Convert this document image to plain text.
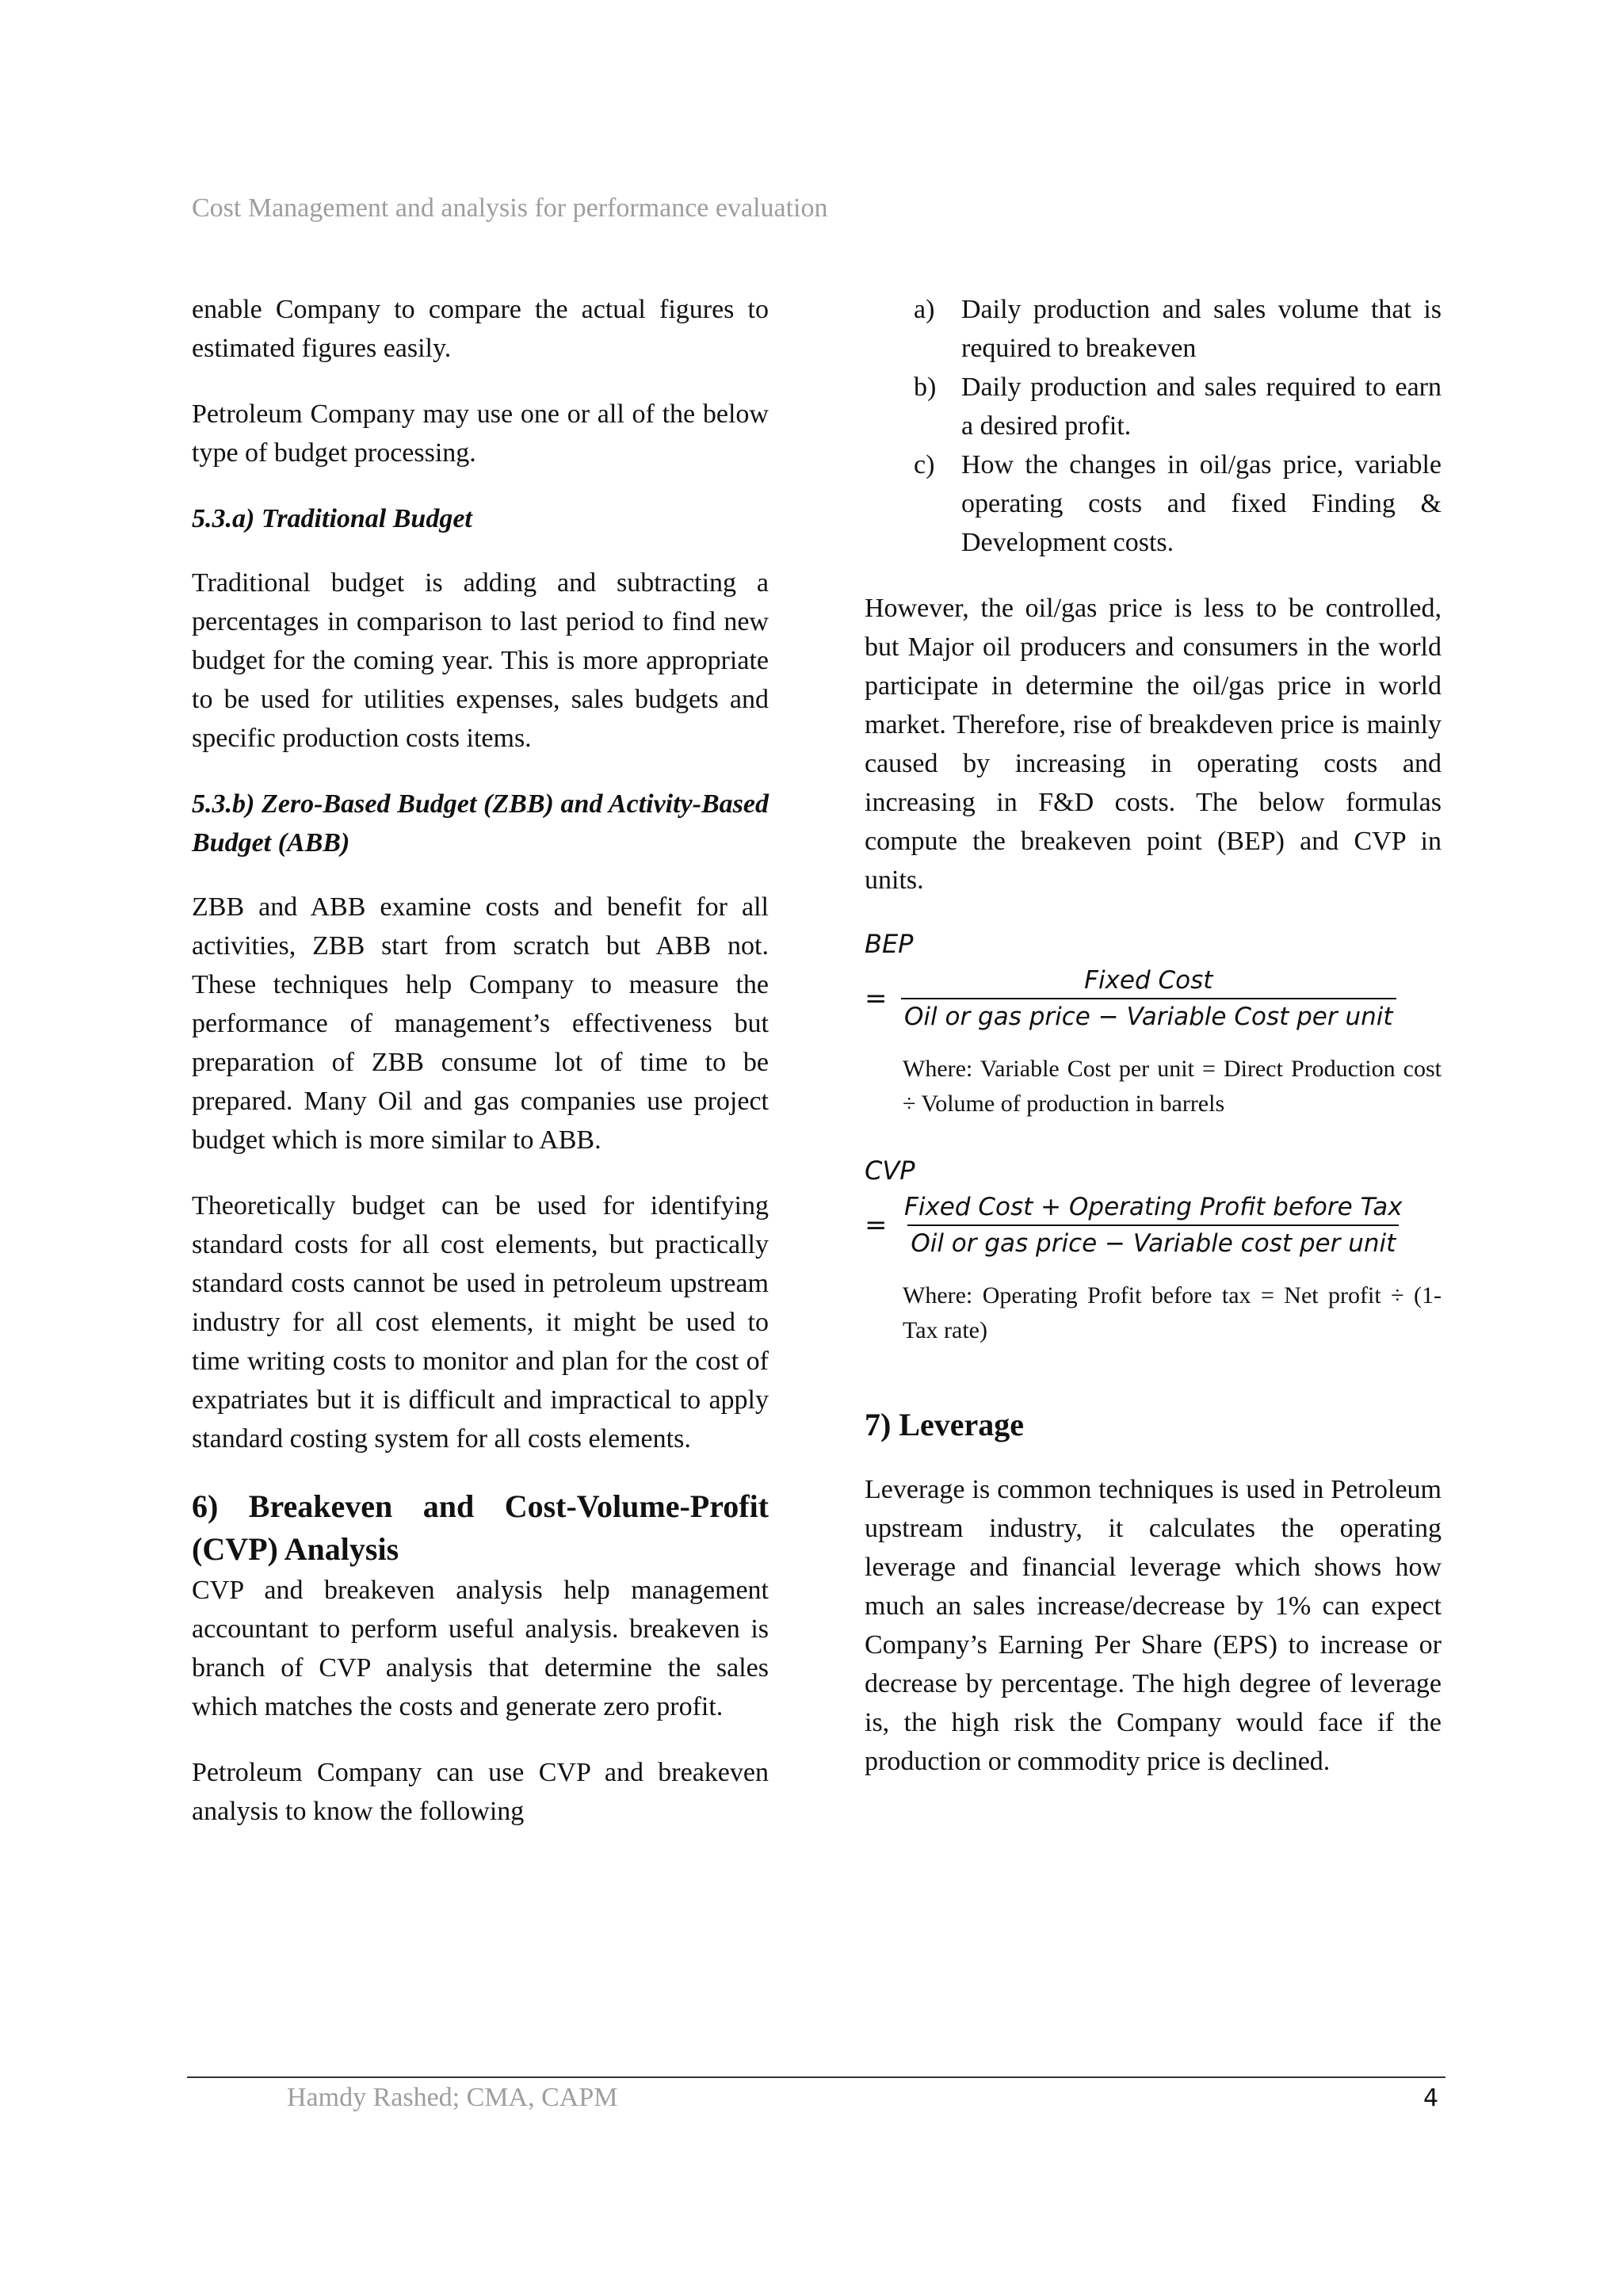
Cost Management and analysis for performance evaluation

enable Company to compare the actual figures to estimated figures easily.

Petroleum Company may use one or all of the below type of budget processing.

5.3.a) Traditional Budget

Traditional budget is adding and subtracting a percentages in comparison to last period to find new budget for the coming year. This is more appropriate to be used for utilities expenses, sales budgets and specific production costs items.

5.3.b) Zero-Based Budget (ZBB) and Activity-Based Budget (ABB)

ZBB and ABB examine costs and benefit for all activities, ZBB start from scratch but ABB not. These techniques help Company to measure the performance of management’s effectiveness but preparation of ZBB consume lot of time to be prepared. Many Oil and gas companies use project budget which is more similar to ABB.

Theoretically budget can be used for identifying standard costs for all cost elements, but practically standard costs cannot be used in petroleum upstream industry for all cost elements, it might be used to time writing costs to monitor and plan for the cost of expatriates but it is difficult and impractical to apply standard costing system for all costs elements.

6) Breakeven and Cost-Volume-Profit (CVP) Analysis

CVP and breakeven analysis help management accountant to perform useful analysis. breakeven is branch of CVP analysis that determine the sales which matches the costs and generate zero profit.

Petroleum Company can use CVP and breakeven analysis to know the following

a) Daily production and sales volume that is required to breakeven
b) Daily production and sales required to earn a desired profit.
c) How the changes in oil/gas price, variable operating costs and fixed Finding & Development costs.

However, the oil/gas price is less to be controlled, but Major oil producers and consumers in the world participate in determine the oil/gas price in world market. Therefore, rise of breakdeven price is mainly caused by increasing in operating costs and increasing in F&D costs. The below formulas compute the breakeven point (BEP) and CVP in units.

BEP
= $\frac{\text{Fixed Cost}}{\text{Oil or gas price − Variable Cost per unit}}$
Where: Variable Cost per unit = Direct Production cost ÷ Volume of production in barrels
CVP
= $\frac{\text{Fixed Cost + Operating Profit before Tax}}{\text{Oil or gas price − Variable cost per unit}}$
Where: Operating Profit before tax = Net profit ÷ (1-Tax rate)
7) Leverage

Leverage is common techniques is used in Petroleum upstream industry, it calculates the operating leverage and financial leverage which shows how much an sales increase/decrease by 1% can expect Company’s Earning Per Share (EPS) to increase or decrease by percentage. The high degree of leverage is, the high risk the Company would face if the production or commodity price is declined.

Hamdy Rashed; CMA, CAPM	4
